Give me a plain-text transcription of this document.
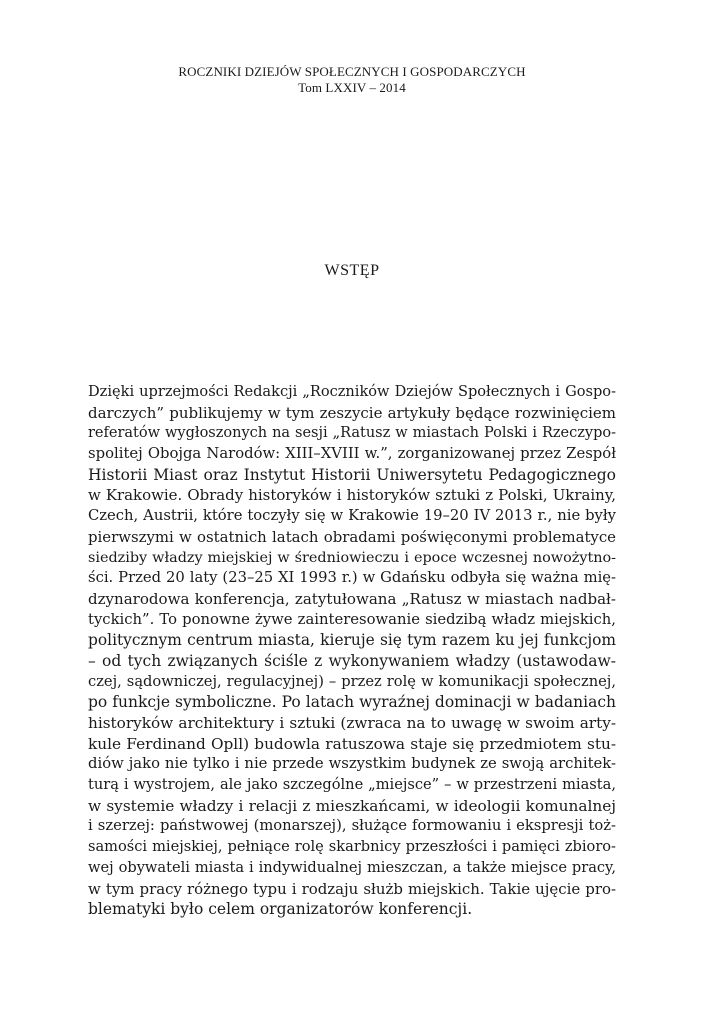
ROCZNIKI DZIEJÓW SPOŁECZNYCH I GOSPODARCZYCH
Tom LXXIV – 2014
WSTĘP
Dzięki uprzejmości Redakcji „Roczników Dziejów Społecznych i Gospo-
darczych” publikujemy w tym zeszycie artykuły będące rozwinięciem
referatów wygłoszonych na sesji „Ratusz w miastach Polski i Rzeczypo-
spolitej Obojga Narodów: XIII–XVIII w.”, zorganizowanej przez Zespół
Historii Miast oraz Instytut Historii Uniwersytetu Pedagogicznego
w Krakowie. Obrady historyków i historyków sztuki z Polski, Ukrainy,
Czech, Austrii, które toczyły się w Krakowie 19–20 IV 2013 r., nie były
pierwszymi w ostatnich latach obradami poświęconymi problematyce
siedziby władzy miejskiej w średniowieczu i epoce wczesnej nowożytno-
ści. Przed 20 laty (23–25 XI 1993 r.) w Gdańsku odbyła się ważna mię-
dzynarodowa konferencja, zatytułowana „Ratusz w miastach nadbał-
tyckich”. To ponowne żywe zainteresowanie siedzibą władz miejskich,
politycznym centrum miasta, kieruje się tym razem ku jej funkcjom
– od tych związanych ściśle z wykonywaniem władzy (ustawodaw-
czej, sądowniczej, regulacyjnej) – przez rolę w komunikacji społecznej,
po funkcje symboliczne. Po latach wyraźnej dominacji w badaniach
historyków architektury i sztuki (zwraca na to uwagę w swoim arty-
kule Ferdinand Opll) budowla ratuszowa staje się przedmiotem stu-
diów jako nie tylko i nie przede wszystkim budynek ze swoją architek-
turą i wystrojem, ale jako szczególne „miejsce” – w przestrzeni miasta,
w systemie władzy i relacji z mieszkańcami, w ideologii komunalnej
i szerzej: państwowej (monarszej), służące formowaniu i ekspresji toż-
samości miejskiej, pełniące rolę skarbnicy przeszłości i pamięci zbioro-
wej obywateli miasta i indywidualnej mieszczan, a także miejsce pracy,
w tym pracy różnego typu i rodzaju służb miejskich. Takie ujęcie pro-
blematyki było celem organizatorów konferencji.
